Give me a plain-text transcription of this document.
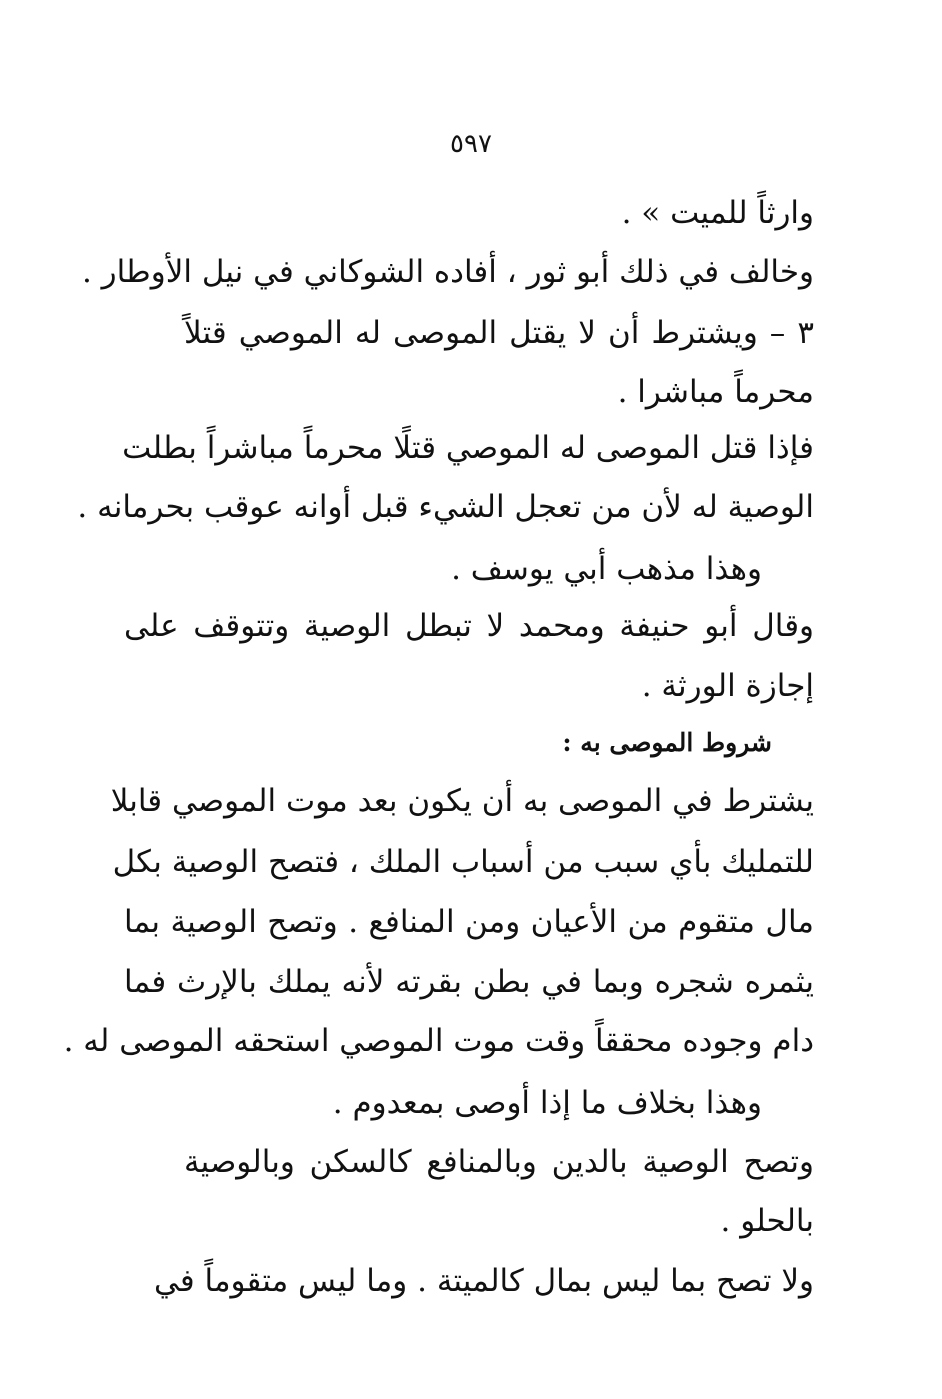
٥٩٧
وارثاً للميت » .
وخالف في ذلك أبو ثور ، أفاده الشوكاني في نيل الأوطار .
٣ – ويشترط أن لا يقتل الموصى له الموصي قتلاً
محرماً مباشرا .
فإذا قتل الموصى له الموصي قتلًا محرماً مباشراً بطلت
الوصية له لأن من تعجل الشيء قبل أوانه عوقب بحرمانه .
وهذا مذهب أبي يوسف .
وقال أبو حنيفة ومحمد لا تبطل الوصية وتتوقف على
إجازة الورثة .
شروط الموصى به :
يشترط في الموصى به أن يكون بعد موت الموصي قابلا
للتمليك بأي سبب من أسباب الملك ، فتصح الوصية بكل
مال متقوم من الأعيان ومن المنافع . وتصح الوصية بما
يثمره شجره وبما في بطن بقرته لأنه يملك بالإرث فما
دام وجوده محققاً وقت موت الموصي استحقه الموصى له .
وهذا بخلاف ما إذا أوصى بمعدوم .
وتصح الوصية بالدين وبالمنافع كالسكن وبالوصية
بالحلو .
ولا تصح بما ليس بمال كالميتة . وما ليس متقوماً في
